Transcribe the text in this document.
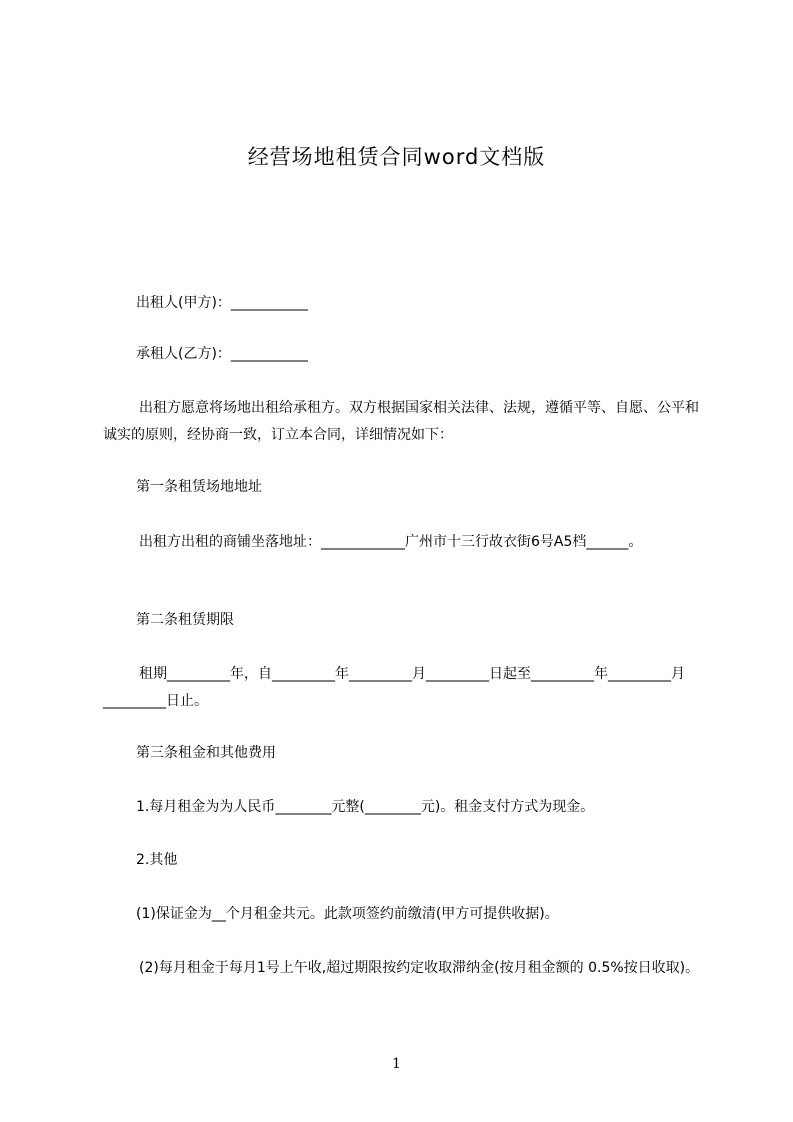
经营场地租赁合同word文档版
出租人(甲方)：___________
承租人(乙方)：___________
出租方愿意将场地出租给承租方。双方根据国家相关法律、法规，遵循平等、自愿、公平和诚实的原则，经协商一致，订立本合同，详细情况如下：
第一条租赁场地地址
出租方出租的商铺坐落地址：____________广州市十三行故衣街6号A5档______。
第二条租赁期限
租期_________年，自_________年_________月_________日起至_________年_________月_________日止。
第三条租金和其他费用
1.每月租金为为人民币________元整(________元)。租金支付方式为现金。
2.其他
(1)保证金为__个月租金共元。此款项签约前缴清(甲方可提供收据)。
(2)每月租金于每月1号上午收,超过期限按约定收取滞纳金(按月租金额的 0.5%按日收取)。
1
